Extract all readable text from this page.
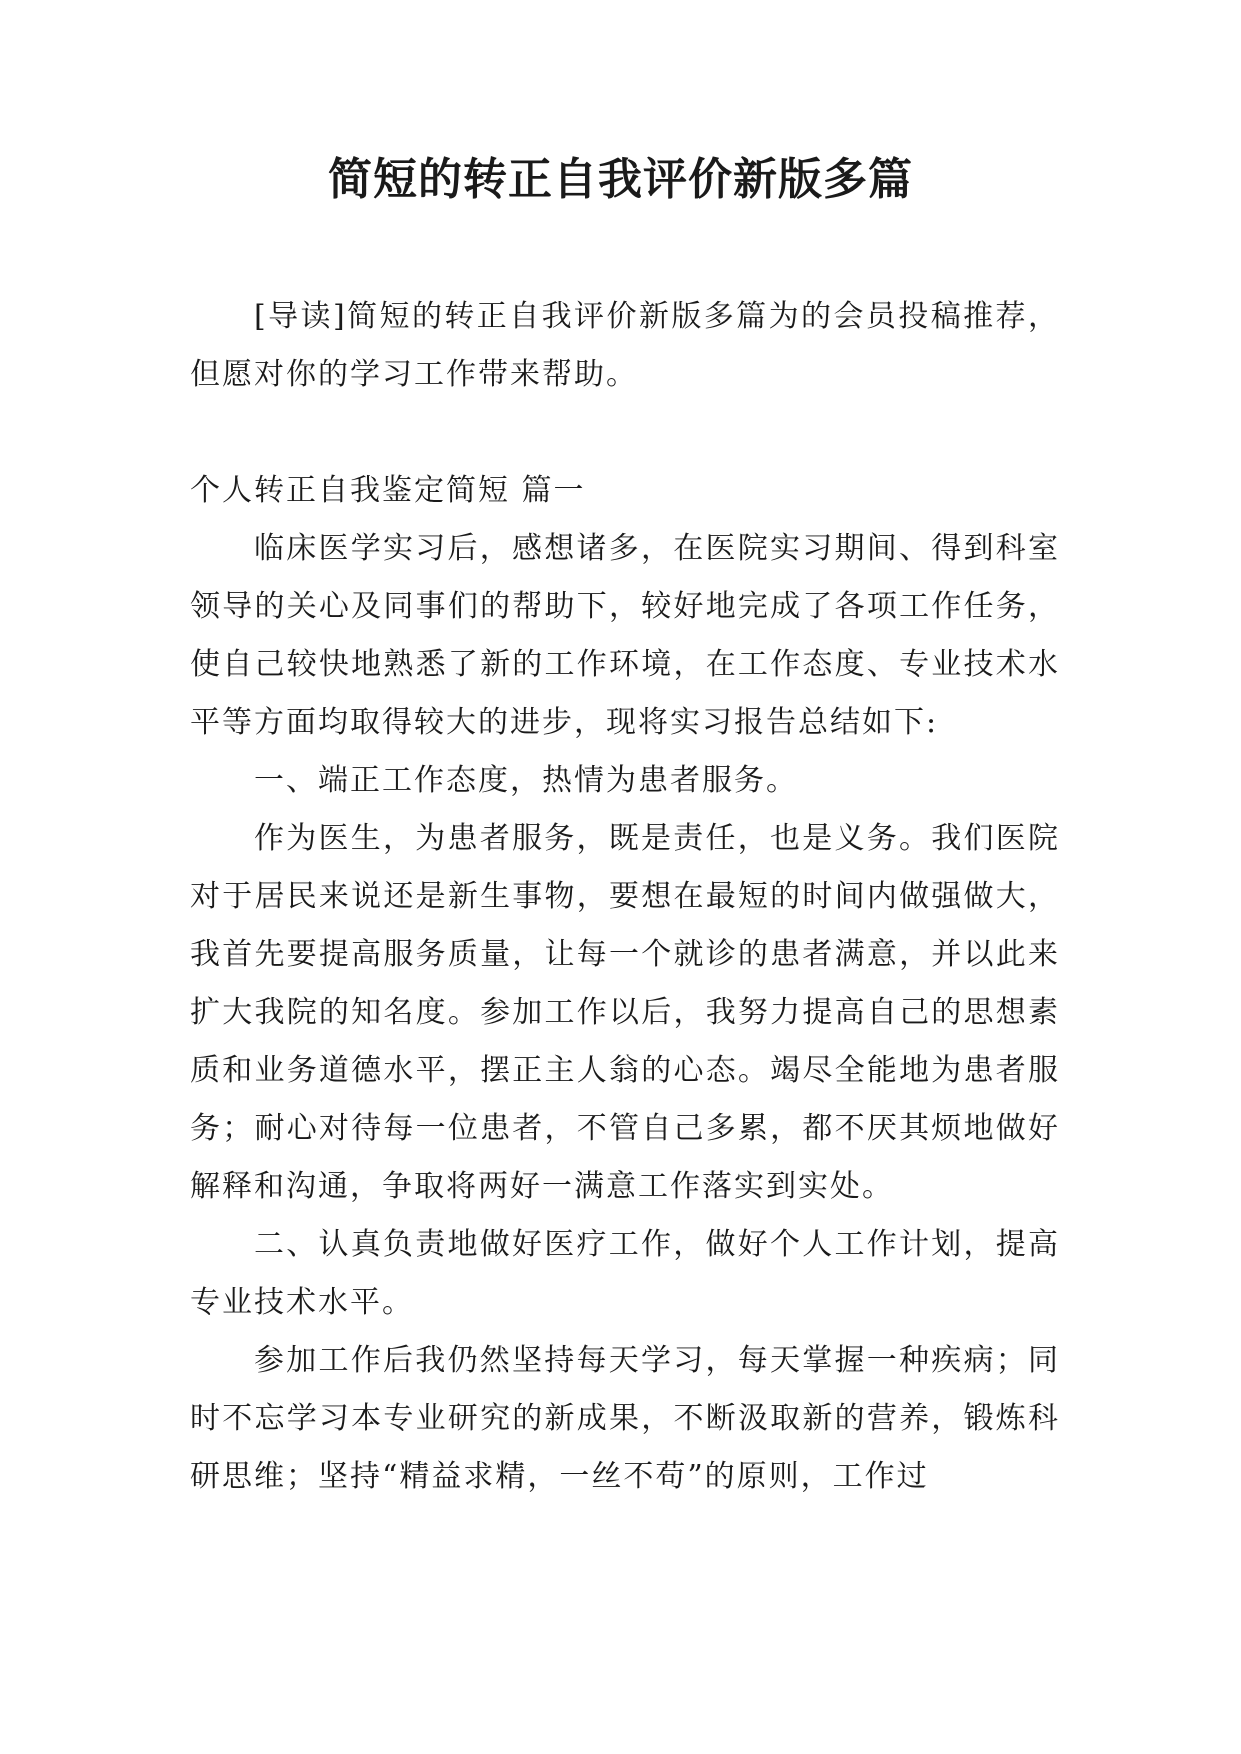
简短的转正自我评价新版多篇

[导读]简短的转正自我评价新版多篇为的会员投稿推荐，但愿对你的学习工作带来帮助。

个人转正自我鉴定简短 篇一

临床医学实习后，感想诸多，在医院实习期间、得到科室领导的关心及同事们的帮助下，较好地完成了各项工作任务，使自己较快地熟悉了新的工作环境，在工作态度、专业技术水平等方面均取得较大的进步，现将实习报告总结如下:

一、端正工作态度，热情为患者服务。

作为医生，为患者服务，既是责任，也是义务。我们医院对于居民来说还是新生事物，要想在最短的时间内做强做大，我首先要提高服务质量，让每一个就诊的患者满意，并以此来扩大我院的知名度。参加工作以后，我努力提高自己的思想素质和业务道德水平，摆正主人翁的心态。竭尽全能地为患者服务；耐心对待每一位患者，不管自己多累，都不厌其烦地做好解释和沟通，争取将两好一满意工作落实到实处。

二、认真负责地做好医疗工作，做好个人工作计划，提高专业技术水平。

参加工作后我仍然坚持每天学习，每天掌握一种疾病；同时不忘学习本专业研究的新成果，不断汲取新的营养，锻炼科研思维；坚持“精益求精，一丝不苟”的原则，工作过
